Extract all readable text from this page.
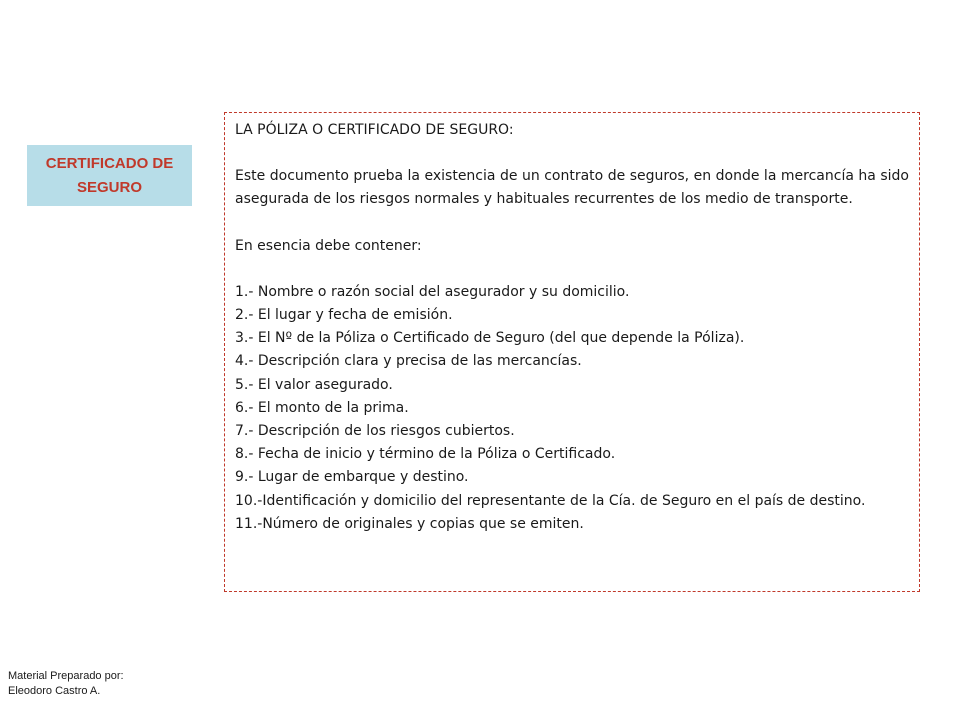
CERTIFICADO DE SEGURO

LA PÓLIZA O CERTIFICADO DE SEGURO:

Este documento prueba la existencia de un contrato de seguros, en donde la mercancía ha sido asegurada de los riesgos normales y habituales recurrentes de los medio de transporte.

En esencia debe contener:

1.- Nombre o razón social del asegurador y su domicilio.
2.- El lugar y fecha de emisión.
3.- El Nº de la Póliza o Certificado de Seguro (del que depende la Póliza).
4.- Descripción clara y precisa de las mercancías.
5.- El valor asegurado.
6.- El monto de la prima.
7.- Descripción de los riesgos cubiertos.
8.- Fecha de inicio y término de la Póliza o Certificado.
9.- Lugar de embarque y destino.
10.-Identificación y domicilio del representante de la Cía. de Seguro en el país de destino.
11.-Número de originales y copias que se emiten.
Material Preparado por:
Eleodoro Castro A.
